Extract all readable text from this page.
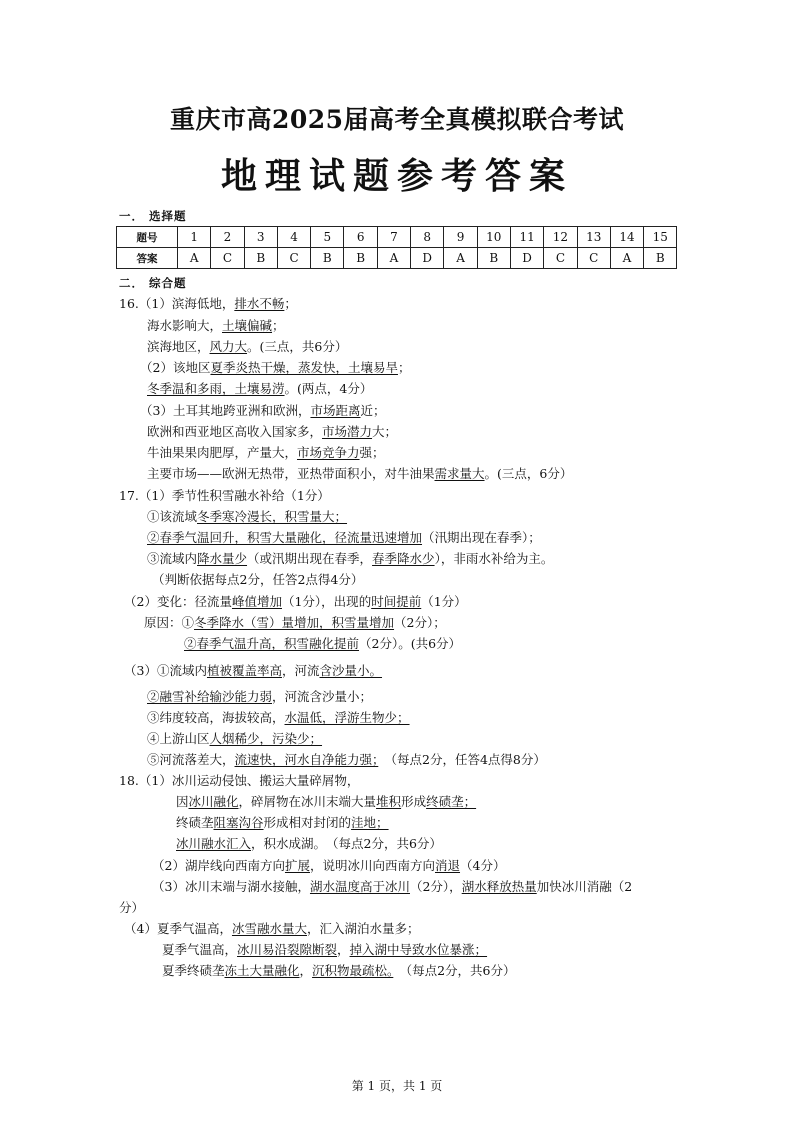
重庆市高2025届高考全真模拟联合考试
地理试题参考答案
一． 选择题
题号	1	2	3	4	5	6	7	8	9	10	11	12	13	14	15
答案	A	C	B	C	B	B	A	D	A	B	D	C	C	A	B
二． 综合题
16.（1）滨海低地，排水不畅；
海水影响大，土壤偏碱；
滨海地区，风力大。(三点，共6分）
（2）该地区夏季炎热干燥，蒸发快，土壤易旱；
冬季温和多雨，土壤易涝。(两点，4分）
（3）土耳其地跨亚洲和欧洲，市场距离近；
欧洲和西亚地区高收入国家多，市场潜力大；
牛油果果肉肥厚，产量大，市场竞争力强；
主要市场——欧洲无热带，亚热带面积小，对牛油果需求量大。(三点，6分）
17.（1）季节性积雪融水补给（1分）
①该流域冬季寒冷漫长，积雪量大；
②春季气温回升，积雪大量融化，径流量迅速增加（汛期出现在春季）；
③流域内降水量少（或汛期出现在春季，春季降水少），非雨水补给为主。
（判断依据每点2分，任答2点得4分）
（2）变化：径流量峰值增加（1分），出现的时间提前（1分）
原因：①冬季降水（雪）量增加，积雪量增加（2分）；
②春季气温升高，积雪融化提前（2分）。(共6分）
（3）①流域内植被覆盖率高，河流含沙量小。
②融雪补给输沙能力弱，河流含沙量小；
③纬度较高，海拔较高，水温低，浮游生物少；
④上游山区人烟稀少，污染少；
⑤河流落差大，流速快，河水自净能力强；　（每点2分，任答4点得8分）
18.（1）冰川运动侵蚀、搬运大量碎屑物，
因冰川融化，碎屑物在冰川末端大量堆积形成终碛垄；
终碛垄阻塞沟谷形成相对封闭的洼地；
冰川融水汇入，积水成湖。　（每点2分，共6分）
（2）湖岸线向西南方向扩展，说明冰川向西南方向消退（4分）
（3）冰川末端与湖水接触，湖水温度高于冰川（2分），湖水释放热量加快冰川消融（2
分）
（4）夏季气温高，冰雪融水量大，汇入湖泊水量多；
夏季气温高，冰川易沿裂隙断裂，掉入湖中导致水位暴涨；
夏季终碛垄冻土大量融化，沉积物最疏松。　（每点2分，共6分）
第 1 页，共 1 页
